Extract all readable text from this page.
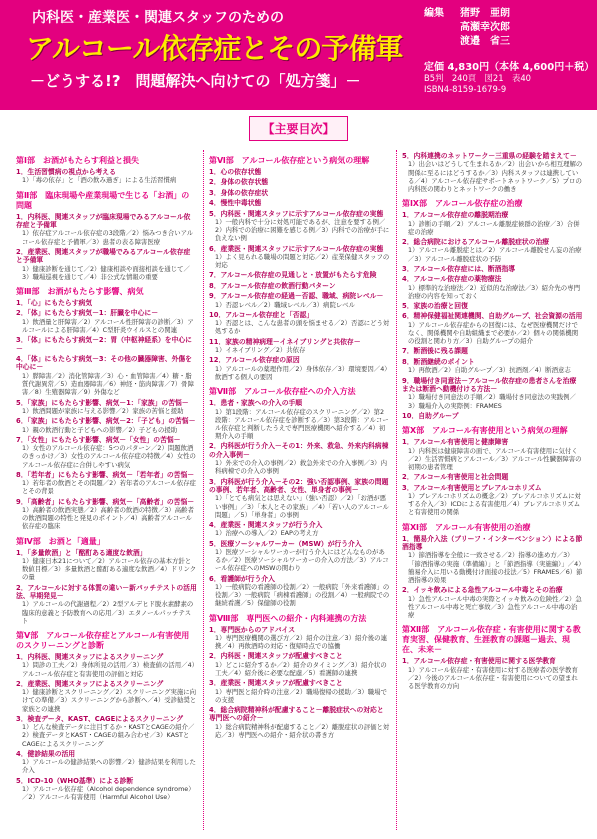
内科医・産業医・関連スタッフのための
アルコール依存症とその予備軍
－どうする!?　問題解決へ向けての「処方箋」－
編集 猪野　亜朗
高瀬幸次郎
渡邉　省三
定価 4,830円（本体 4,600円＋税）
B5判　240頁　図21　表40
ISBN4-8159-1679-9
【主要目次】
第Ⅰ部　お酒がもたらす利益と損失
1．生活習慣病の視点から考える
1）「毒の依存」と「酒の飲み過ぎ」による生活習慣病
第Ⅱ部　臨床現場や産業現場で生じる「お酒」の問題
1．内科医、関連スタッフが臨床現場でみるアルコール依存症と予備軍
1）依存症アルコール依存症の3段階／2）悩みつき合いアルコール依存症と予備軍／3）患者の表る障害医療
2．産業医、関連スタッフが職場でみるアルコール依存症と予備軍
1）健康診断を通じて／2）健康相談や面接相談を通じて／3）職場巡視を通じて／4）非公式な情報の重要
第Ⅲ部　お酒がもたらす影響、病気
1．「心」にもたらす病気
2．「体」にもたらす病気－1：肝臓を中心に－
1）飲酒量と肝障害／2）アルコール性肝障害の診断／3）アルコールによる肝障害／4）C型肝炎ウイルスとの関連
3．「体」にもたらす病気－2：胃（中枢神経系）を中心に－
4．「体」にもたらす病気－3：その他の臓器障害、外傷を中心に－
1）膵障害／2）消化管障害／3）心・血管障害／4）糖・脂質代謝異常／5）造血器障害／6）神経・筋肉障害／7）骨障害／8）生殖器障害／9）外傷など
5．「家族」にもたらす影響、病気－1：「家族」の苦悩－
1）飲酒問題が家族に与える影響／2）家族の苦悩と援助
6．「家族」にもたらす影響、病気－2：「子ども」の苦悩－
1）親の飲酒行動と子どもへの影響／2）子どもの援助
7．「女性」にもたらす影響、病気－「女性」の苦悩－
1）女性のアルコール依存症：5つのパターン／2）問題飲酒のきっかけ／3）女性のアルコール依存症の特徴／4）女性のアルコール依存症に合併しやすい病気
8．「若年者」にもたらす影響、病気－「若年者」の苦悩－
1）若年者の飲酒とその問題／2）若年者のアルコール依存症とその背景
9．「高齢者」にもたらす影響、病気－「高齢者」の苦悩－
1）高齢者の飲酒実態／2）高齢者の飲酒の特徴／3）高齢者の飲酒問題の特性と発見のポイント／4）高齢者アルコール依存症の臨床
第Ⅳ部　お酒と「適量」
1．「多量飲酒」と「酩酊ある適度な飲酒」
1）健康日本21について／2）アルコール依存の基本方針と数値目標／3）多量飲酒と酩酊ある適度な飲酒／4）ドリンクの量
2．アルコールに対する体質の違い－新パッチテストの活用法、早期発見－
1）アルコールの代謝過程／2）2型アルデヒド脱水素酵素の臨床的意義と予防教育への応用／3）エタノールパッチテスト
第Ⅴ部　アルコール依存症とアルコール有害使用のスクリーニングと診断
1．内科医、関連スタッフによるスクリーニング
1）問診の工夫／2）身体所見の活用／3）検査値の活用／4）アルコール依存症と有害使用の評価と対応
2．産業医、関連スタッフによるスクリーニング
1）健康診断とスクリーニング／2）スクリーニング実施に向けての準備／3）スクリーニングから診断へ／4）受診勧奨と家族との連携
3．検査データ、KAST、CAGEによるスクリーニング
1）どんな検査データに注目するか・KASTとCAGEの紹介／2）検査データとKAST・CAGEの組み合わせ／3）KASTとCAGEによるスクリーニング
4．健診結果の活用
1）アルコールの健診結果への影響／2）健診結果を利用した介入
5．ICD-10（WHO基準）による診断
1）アルコール依存症（Alcohol dependence syndrome）／2）アルコール有害使用（Harmful Alcohol Use）
第Ⅵ部　アルコール依存症という病気の理解
1．心の依存状態
2．身体の依存状態
3．身体の依存症状
4．慢性中毒状態
5．内科医・関連スタッフに示すアルコール依存症の実態
1）一般内科で十分に対処可能であるが、注意を要する例／2）内科での治療に困難を感じる例／3）内科での治療が手に負えない例
6．産業医・関連スタッフに示すアルコール依存症の実態
1）よく見られる職場の問題と対応／2）産業保健スタッフの対応
7．アルコール依存症の見通しと・放置がもたらす危険
8．アルコール依存症の飲酒行動パターン
9．アルコール依存症の経過－否認、職域、病院レベル－
1）否認レベル／2）職域レベル／3）病院レベル
10．アルコール依存症と「否認」
1）否認とは、こんな患者の頭を悩ませる／2）否認にどう対処するか
11．家族の精神病理－イネイブリングと共依存－
1）イネイブリング／2）共依存
12．アルコール依存症の原因
1）アルコールの薬理作用／2）身体依存／3）環境要因／4）飲酒する個人の要因
第Ⅶ部　アルコール依存症への介入方法
1．患者・家族への介入の手順
1）第1段階：アルコール依存症のスクリーニング／2）第2段階：アルコール依存症を診断する／3）第3段階：アルコール依存症と判断したうえで専門医療機関へ紹介する／4）初期介入の手順
2．内科医が行う介入－その1：外来、救急、外来内科病棟の介入事例－
1）外来での介入の事例／2）救急外来での介入事例／3）内科病棟での介入の事例
3．内科医が行う介入－その2：強い否認事例、家族の問題の事例、若年者、高齢者、女性、単身者の事例－
1）「とても病気とは思えない」（強い否認）／2）「お酒が悪い事例」／3）「本人とその家族」／4）「若い人のアルコール問題」／5）「単身者」の事例
4．産業医・関連スタッフが行う介入
1）治療への導入／2）EAPの考え方
5．医療ソーシャルワーカー（MSW）が行う介入
1）医療ソーシャルワーカーが行う介入にはどんなものがあるか／2）医療ソーシャルワーカーの介入の方法／3）アルコール依存症へのMSWの関わり
6．看護師が行う介入
1）一般病院の看護師の役割／2）一般病院「外来看護師」の役割／3）一般病院「病棟看護師」の役割／4）一般病院での継続看護／5）保健師の役割
第Ⅷ部　専門医への紹介・内科連携の方法
1．専門医からのアドバイス
1）専門医療機関の選び方／2）紹介の注意／3）紹介後の連携／4）再飲酒時の対応・復帰時点での協働
2．内科医・関連スタッフが配慮すべきこと
1）どこに紹介するか／2）紹介のタイミング／3）紹介状の工夫／4）紹介後に必要な配慮／5）看護師の連携
3．産業医・関連スタッフが配慮すべきこと
1）専門医と紹介時の注意／2）職場復帰の援助／3）職場での支援
4．総合病院精神科が配慮すること－離脱症状への対応と専門医への紹介－
1）総合病院精神科が配慮すること／2）離脱症状の評価と対応／3）専門医への紹介・紹介状の書き方
5．内科連携のネットワーク－三重県の経験を踏まえて－
1）出会いはどうして生まれるか／2）出会いから相互理解の関係に至るにはどうするか／3）内科スタッフは連携している／4）アルコール依存症サポートネットワーク／5）プロの内科医の関わりとネットワークの働き
第Ⅸ部　アルコール依存症の治療
1．アルコール依存症の離脱期治療
1）診断の手順／2）アルコール離脱症候群の治療／3）合併症の治療
2．総合病院におけるアルコール離脱症状の治療
1）アルコール離脱症とは／2）アルコール離脱せん妄の治療／3）アルコール離脱症状の予防
3．アルコール依存症には、断酒指導
4．アルコール依存症の薬物療法
1）標準的な治療法／2）近似的な治療法／3）紹介先の専門治療の内容を知っておく
5．家族の治療と回復
6．精神保健福祉関連機関、自助グループ、社会資源の活用
1）アルコール依存症からの回復には、なぜ医療機関だけでなく、関係機関や自助組織まで必要か／2）個々の関係機関の役割と関わり方／3）自助グループの紹介
7．断酒後に残る課題
8．断酒継続のポイント
1）再飲酒／2）自助グループ／3）抗酒剤／4）断酒意志
9．職場付き同意法－アルコール依存症の患者さんを治療または断酒へ動機付ける方法－
1）職場付き同意法の手順／2）職場付き同意法の実践例／3）職場介入の実際例：FRAMES
10．自助グループ
第Ⅹ部　アルコール有害使用という病気の理解
1．アルコール有害使用と健康障害
1）内科医は健康障害の面で、アルコール有害使用に気付く／2）生活習慣病とアルコール／3）アルコール性臓器障害の初期の患者管理
2．アルコール有害使用と社会問題
3．アルコール有害使用とブレアルコホリズム
1）ブレアルコホリズムの概念／2）ブレアルコホリズムに対する介入／3）ICDによる有害使用／4）ブレアルコホリズムと有害使用の関係
第Ⅺ部　アルコール有害使用の治療
1．簡易介入法（ブリーフ・インターベンション）による節酒指導
1）節酒指導を全般に一致させる／2）指導の進め方／3）「節酒指導の実施（準備編）」と「節酒指導（実施編）」／4）簡易介入に用いる動機付け面接の技法／5）FRAMES／6）節酒指導の効果
2．イッキ飲みによる急性アルコール中毒とその治療
1）急性アルコール中毒の実際とイッキ飲みの危険性／2）急性アルコール中毒と死亡事故／3）急性アルコール中毒の治療
第Ⅻ部　アルコール依存症・有害使用に関する教育実習、保健教育、生涯教育の課題－過去、現在、未来－
1．アルコール依存症・有害使用に関する医学教育
1）アルコール依存症・有害使用に対する医療者の医学教育／2）今後のアルコール依存症・有害使用についての望まれる医学教育の方向
